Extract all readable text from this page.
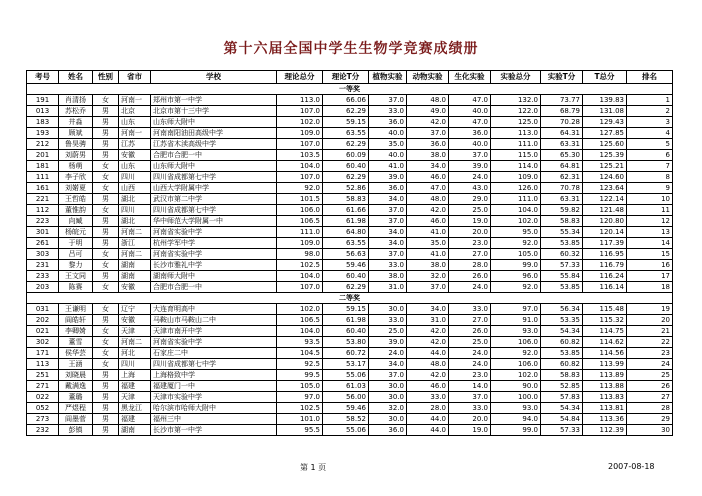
第十六届全国中学生生物学竞赛成绩册
考号	姓名	性别	省市	学校	理论总分	理论T分	植物实验	动物实验	生化实验	实验总分	实验T分	T总分	排名
一等奖													
191	肖清扬	女	河南一	郑州市第一中学	113.0	66.06	37.0	48.0	47.0	132.0	73.77	139.83	1
013	苏松乔	男	北京	北京市第十三中学	107.0	62.29	33.0	49.0	40.0	122.0	68.79	131.08	2
183	井淼	男	山东	山东师大附中	102.0	59.15	36.0	42.0	47.0	125.0	70.28	129.43	3
193	顾斌	男	河南一	河南南阳油田高级中学	109.0	63.55	40.0	37.0	36.0	113.0	64.31	127.85	4
212	鲁昊骋	男	江苏	江苏省木渎高级中学	107.0	62.29	35.0	36.0	40.0	111.0	63.31	125.60	5
201	刘蔚男	男	安徽	合肥市合肥一中	103.5	60.09	40.0	38.0	37.0	115.0	65.30	125.39	6
181	杨萌	女	山东	山东师大附中	104.0	60.40	41.0	34.0	39.0	114.0	64.81	125.21	7
111	李子欣	女	四川	四川省成都第七中学	107.0	62.29	39.0	46.0	24.0	109.0	62.31	124.60	8
161	刘婼夏	女	山西	山西大学附属中学	92.0	52.86	36.0	47.0	43.0	126.0	70.78	123.64	9
221	王哲皓	男	湖北	武汉市第二中学	101.5	58.83	34.0	48.0	29.0	111.0	63.31	122.14	10
112	董惟韵	女	四川	四川省成都第七中学	106.0	61.66	37.0	42.0	25.0	104.0	59.82	121.48	11
223	向臧	男	湖北	华中师范大学附属一中	106.5	61.98	37.0	46.0	19.0	102.0	58.83	120.80	12
301	杨皖元	男	河南二	河南省实验中学	111.0	64.80	34.0	41.0	20.0	95.0	55.34	120.14	13
261	于明	男	浙江	杭州学军中学	109.0	63.55	34.0	35.0	23.0	92.0	53.85	117.39	14
303	吕可	女	河南二	河南省实验中学	98.0	56.63	37.0	41.0	27.0	105.0	60.32	116.95	15
231	黎力	女	湖南	长沙市雅礼中学	102.5	59.46	33.0	38.0	28.0	99.0	57.33	116.79	16
233	王文同	男	湖南	湖南师大附中	104.0	60.40	38.0	32.0	26.0	96.0	55.84	116.24	17
203	陈赛	女	安徽	合肥市合肥一中	107.0	62.29	31.0	37.0	24.0	92.0	53.85	116.14	18
二等奖													
031	王谦明	女	辽宁	大连育明高中	102.0	59.15	30.0	34.0	33.0	97.0	56.34	115.48	19
202	阎皓轩	男	安徽	马鞍山市马鞍山二中	106.5	61.98	33.0	31.0	27.0	91.0	53.35	115.32	20
021	李卿婍	女	天津	天津市南开中学	104.0	60.40	25.0	42.0	26.0	93.0	54.34	114.75	21
302	董雪	女	河南二	河南省实验中学	93.5	53.80	39.0	42.0	25.0	106.0	60.82	114.62	22
171	侯华芸	女	河北	石家庄二中	104.5	60.72	24.0	44.0	24.0	92.0	53.85	114.56	23
113	王涵	女	四川	四川省成都第七中学	92.5	53.17	34.0	48.0	24.0	106.0	60.82	113.99	24
251	刘晓晨	男	上海	上海格致中学	99.5	55.06	37.0	42.0	23.0	102.0	58.83	113.89	25
271	戴满逸	男	福建	福建厦门一中	105.0	61.03	30.0	46.0	14.0	90.0	52.85	113.88	26
022	董璐	男	天津	天津市实验中学	97.0	56.00	30.0	33.0	37.0	100.0	57.83	113.83	27
052	严煜程	男	黑龙江	哈尔滨市哈师大附中	102.5	59.46	32.0	28.0	33.0	93.0	54.34	113.81	28
273	阎墨菅	男	福建	福州三中	101.0	58.52	30.0	44.0	20.0	94.0	54.84	113.36	29
232	彭镇	男	湖南	长沙市第一中学	95.5	55.06	36.0	44.0	19.0	99.0	57.33	112.39	30
第 1 页	2007-08-18
